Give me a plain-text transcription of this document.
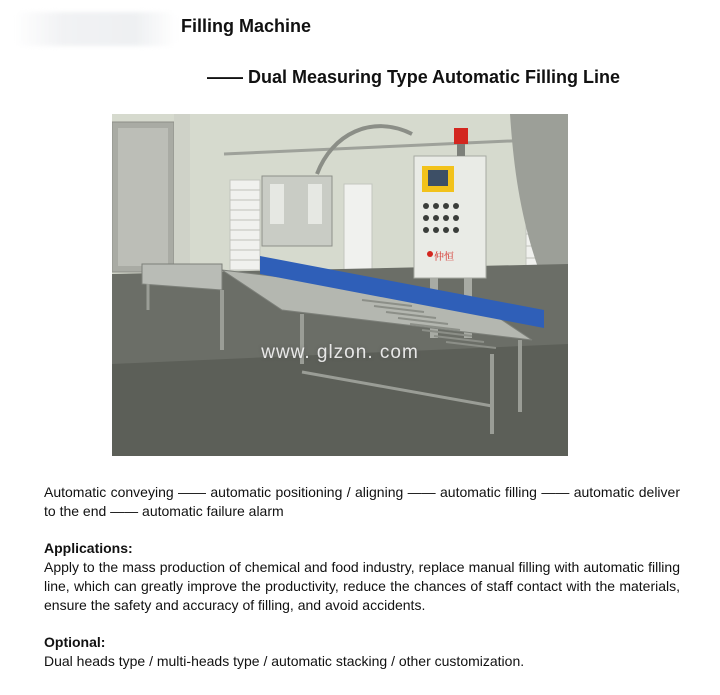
Filling Machine
—— Dual Measuring Type Automatic Filling Line
仲恒
www. glzon. com
Automatic conveying —— automatic positioning / aligning —— automatic filling —— automatic deliver to the end —— automatic failure alarm
Applications:
Apply to the mass production of chemical and food industry, replace manual filling with automatic filling line, which can greatly improve the productivity, reduce the chances of staff contact with the materials, ensure the safety and accuracy of filling, and avoid accidents.
Optional:
Dual heads type / multi-heads type / automatic stacking / other customization.
